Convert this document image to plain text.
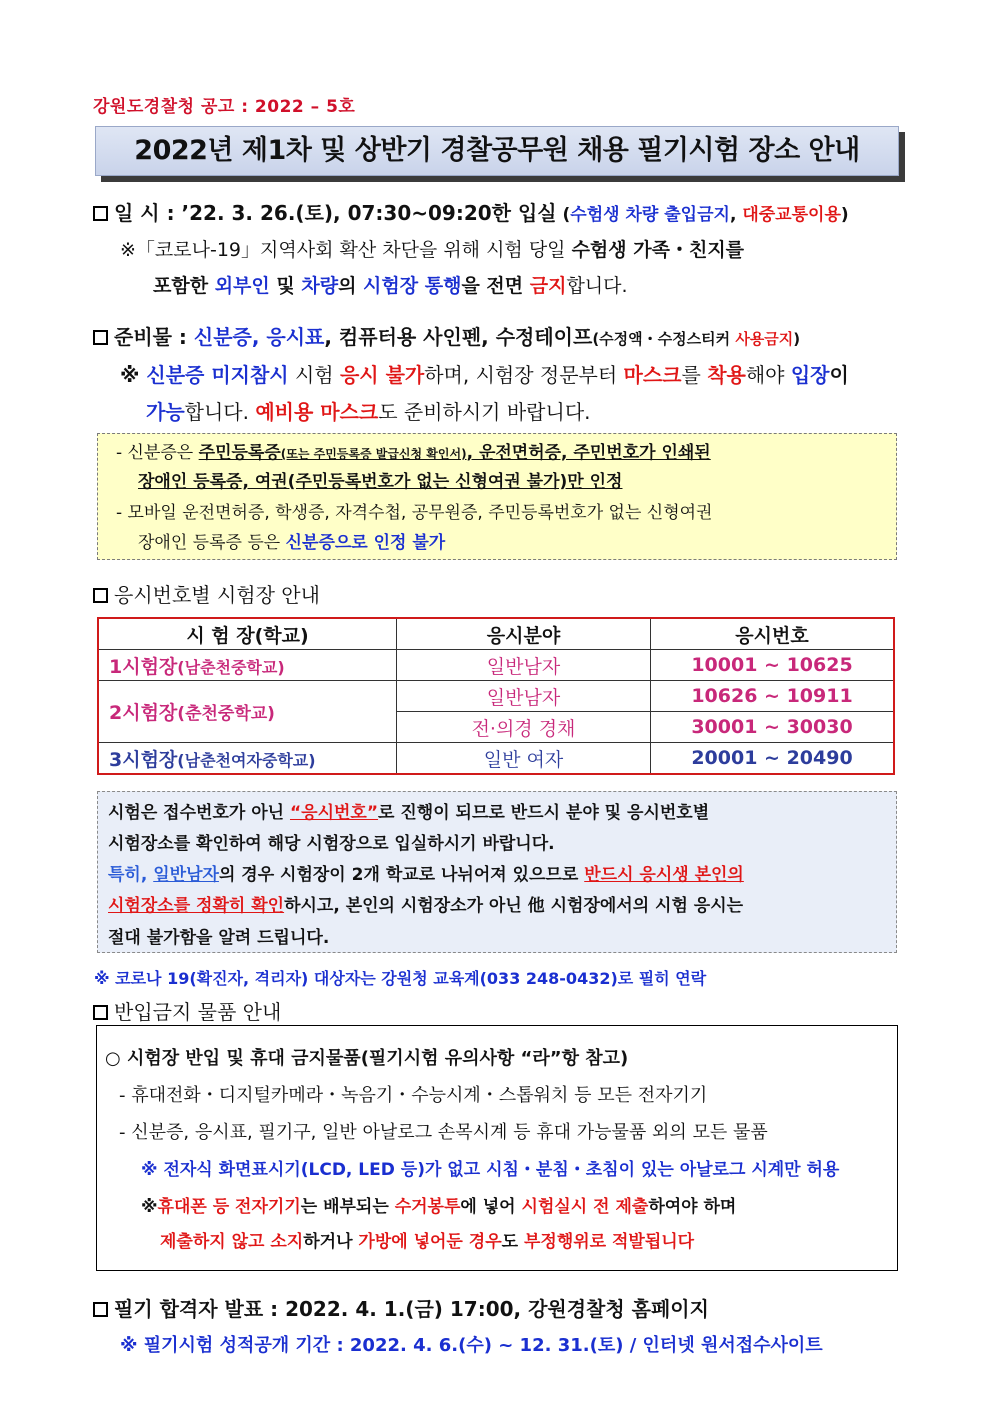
강원도경찰청 공고 : 2022 – 5호
2022년 제1차 및 상반기 경찰공무원 채용 필기시험 장소 안내
일 시 : ’22. 3. 26.(토), 07:30~09:20한 입실 (수험생 차량 출입금지, 대중교통이용)
※「코로나-19」지역사회 확산 차단을 위해 시험 당일 수험생 가족・친지를
포함한 외부인 및 차량의 시험장 통행을 전면 금지합니다.
준비물 : 신분증, 응시표, 컴퓨터용 사인펜, 수정테이프(수정액・수정스티커 사용금지)
※ 신분증 미지참시 시험 응시 불가하며, 시험장 정문부터 마스크를 착용해야 입장이
가능합니다. 예비용 마스크도 준비하시기 바랍니다.
- 신분증은 주민등록증(또는 주민등록증 발급신청 확인서), 운전면허증, 주민번호가 인쇄된
장애인 등록증, 여권(주민등록번호가 없는 신형여권 불가)만 인정
- 모바일 운전면허증, 학생증, 자격수첩, 공무원증, 주민등록번호가 없는 신형여권
장애인 등록증 등은 신분증으로 인정 불가
응시번호별 시험장 안내
시 험 장(학교)	응시분야	응시번호
1시험장(남춘천중학교)	일반남자	10001 ~ 10625
2시험장(춘천중학교)	일반남자	10626 ~ 10911
	전·의경 경채	30001 ~ 30030
3시험장(남춘천여자중학교)	일반 여자	20001 ~ 20490
시험은 접수번호가 아닌 “응시번호”로 진행이 되므로 반드시 분야 및 응시번호별
시험장소를 확인하여 해당 시험장으로 입실하시기 바랍니다.
특히, 일반남자의 경우 시험장이 2개 학교로 나뉘어져 있으므로 반드시 응시생 본인의
시험장소를 정확히 확인하시고, 본인의 시험장소가 아닌 他 시험장에서의 시험 응시는
절대 불가함을 알려 드립니다.
※ 코로나 19(확진자, 격리자) 대상자는 강원청 교육계(033 248-0432)로 필히 연락
반입금지 물품 안내
○ 시험장 반입 및 휴대 금지물품(필기시험 유의사항 “라”항 참고)
- 휴대전화・디지털카메라・녹음기・수능시계・스톱워치 등 모든 전자기기
- 신분증, 응시표, 필기구, 일반 아날로그 손목시계 등 휴대 가능물품 외의 모든 물품
※ 전자식 화면표시기(LCD, LED 등)가 없고 시침・분침・초침이 있는 아날로그 시계만 허용
※휴대폰 등 전자기기는 배부되는 수거봉투에 넣어 시험실시 전 제출하여야 하며
제출하지 않고 소지하거나 가방에 넣어둔 경우도 부정행위로 적발됩니다
필기 합격자 발표 : 2022. 4. 1.(금) 17:00, 강원경찰청 홈페이지
※ 필기시험 성적공개 기간 : 2022. 4. 6.(수) ~ 12. 31.(토) / 인터넷 원서접수사이트
